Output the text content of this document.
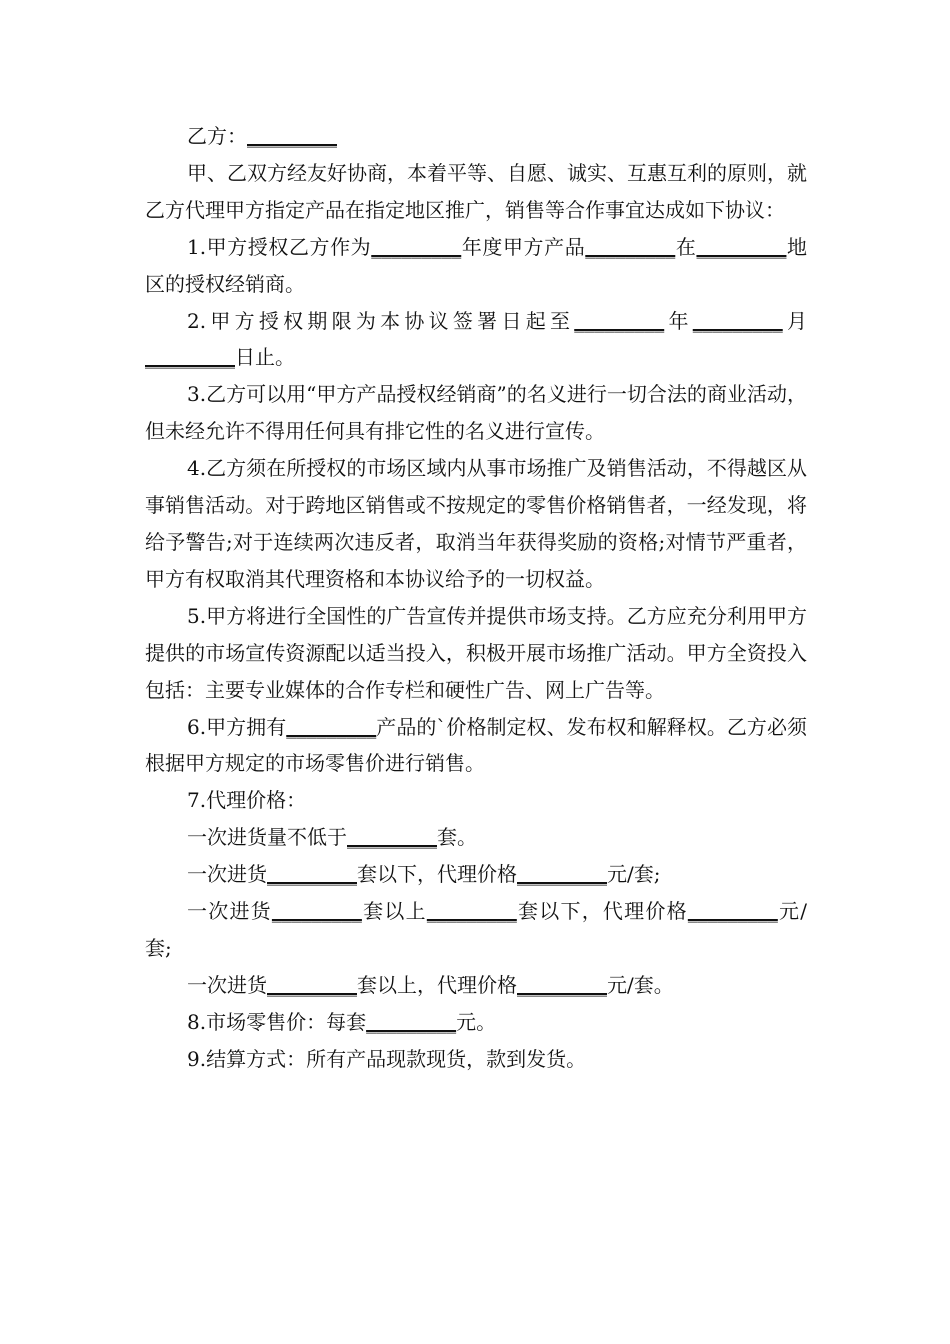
乙方：_________

甲、乙双方经友好协商，本着平等、自愿、诚实、互惠互利的原则，就乙方代理甲方指定产品在指定地区推广，销售等合作事宜达成如下协议：

1.甲方授权乙方作为_________年度甲方产品_________在_________地区的授权经销商。

2.甲方授权期限为本协议签署日起至_________年_________月_________日止。

3.乙方可以用“甲方产品授权经销商”的名义进行一切合法的商业活动，但未经允许不得用任何具有排它性的名义进行宣传。

4.乙方须在所授权的市场区域内从事市场推广及销售活动，不得越区从事销售活动。对于跨地区销售或不按规定的零售价格销售者，一经发现，将给予警告;对于连续两次违反者，取消当年获得奖励的资格;对情节严重者，甲方有权取消其代理资格和本协议给予的一切权益。

5.甲方将进行全国性的广告宣传并提供市场支持。乙方应充分利用甲方提供的市场宣传资源配以适当投入，积极开展市场推广活动。甲方全资投入包括：主要专业媒体的合作专栏和硬性广告、网上广告等。

6.甲方拥有_________产品的`价格制定权、发布权和解释权。乙方必须根据甲方规定的市场零售价进行销售。

7.代理价格：

一次进货量不低于_________套。

一次进货_________套以下，代理价格_________元/套;

一次进货_________套以上_________套以下，代理价格_________元/套;

一次进货_________套以上，代理价格_________元/套。

8.市场零售价：每套_________元。

9.结算方式：所有产品现款现货，款到发货。
